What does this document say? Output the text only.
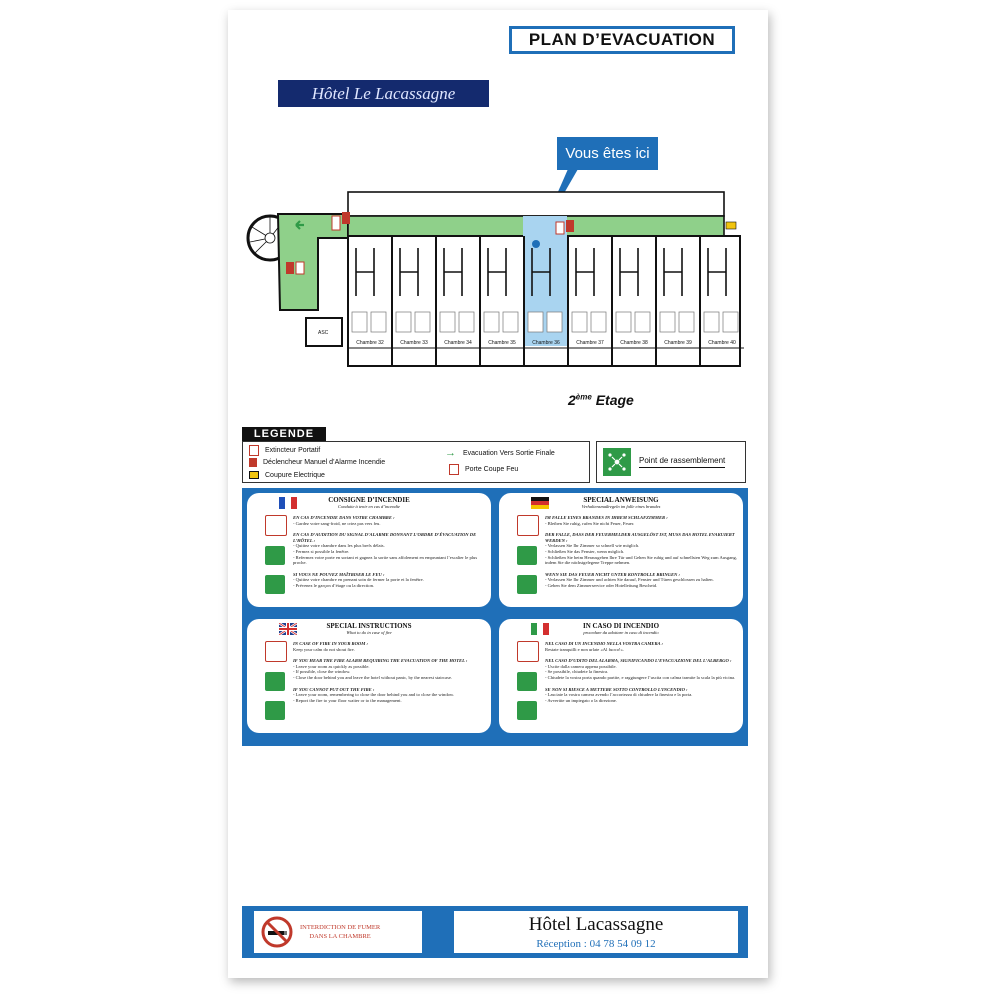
PLAN D’EVACUATION
Hôtel Le Lacassagne
Vous êtes ici
ASC
Chambre 32	Chambre 33	Chambre 34	Chambre 35	Chambre 36	Chambre 37	Chambre 38	Chambre 39	Chambre 40
2ème Etage
LEGENDE
Extincteur Portatif
Déclencheur Manuel d’Alarme Incendie
Coupure Electrique
→ Evacuation Vers Sortie Finale
Porte Coupe Feu
Point de rassemblement
CONSIGNE D’INCENDIE
Conduite à tenir en cas d’incendie
EN CAS D’INCENDIE DANS VOTRE CHAMBRE :
- Gardez votre sang-froid, ne criez pas vers feu.
EN CAS D’AUDITION DU SIGNAL D’ALARME DONNANT L’ORDRE D’ÉVACUATION DE L’HÔTEL :
- Quittez votre chambre dans les plus brefs délais.
- Fermez si possible la fenêtre.
- Refermez votre porte en sortant et gagnez la sortie sans affolement en empruntant l’escalier le plus proche.
SI VOUS NE POUVEZ MAÎTRISER LE FEU :
- Quittez votre chambre en prenant soin de fermer la porte et la fenêtre.
- Prévenez le garçon d’étage ou la direction.
SPECIAL ANWEISUNG
Verhaltensmaßregeln im falle eines brandes
IM FALLE EINES BRANDES IN IHREM SCHLAFZIMMER :
- Bleiben Sie ruhig, rufen Sie nicht Feuer, Feuer.
DER FALLE, DASS DER FEUERMELDER AUSGELÖST IST, MUSS DAS HOTEL EVAKUIERT WERDEN :
- Verlassen Sie Ihr Zimmer so schnell wie möglich.
- Schließen Sie das Fenster, wenn möglich.
- Schließen Sie beim Herausgehen Ihre Tür und Gehen Sie ruhig und auf schnellsten Weg zum Ausgang, indem Sie die nächstgelegene Treppe nehmen.
WENN SIE DAS FEUER NICHT UNTER KONTROLLE BRINGEN :
- Verlassen Sie Ihr Zimmer und achten Sie darauf, Fenster und Türen geschlossen zu halten.
- Geben Sie dem Zimmerservice oder Hotelleitung Bescheid.
SPECIAL INSTRUCTIONS
What to do in case of fire
IN CASE OF FIRE IN YOUR ROOM :
Keep your calm do not shout fire.
IF YOU HEAR THE FIRE ALARM REQUIRING THE EVACUATION OF THE HOTEL :
- Leave your room as quickly as possible.
- If possible, close the window.
- Close the door behind you and leave the hotel without panic, by the nearest staircase.
IF YOU CANNOT PUT OUT THE FIRE :
- Leave your room, remembering to close the door behind you and to close the window.
- Report the fire to your floor waiter or to the management.
IN CASO DI INCENDIO
procedure da adottare in caso di incendio
NEL CASO DI UN INCENDIO NELLA VOSTRA CAMERA :
Restate tranquilli e non urlate «Al fuoco!».
NEL CASO D’UDITO DEL ALARMA, SIGNIFICANDO L’EVACUAZIONE DEL L’ALBERGO :
- Uscite dalla camera appena possibile.
- Se possibile, chiudete la finestra.
- Chiudete la vostra porta quando partite, e raggiungere l’uscita con calma tramite la scala la più vicina.
SE NON SI RIESCE A METTERE SOTTO CONTROLLO L’INCENDIO :
- Lasciate la vostra camera avendo l’accortezza di chiudere la finestra e la porta.
- Avvertite un impiegato o la direzione.
INTERDICTION DE FUMER
DANS LA CHAMBRE
Hôtel Lacassagne
Réception : 04 78 54 09 12
